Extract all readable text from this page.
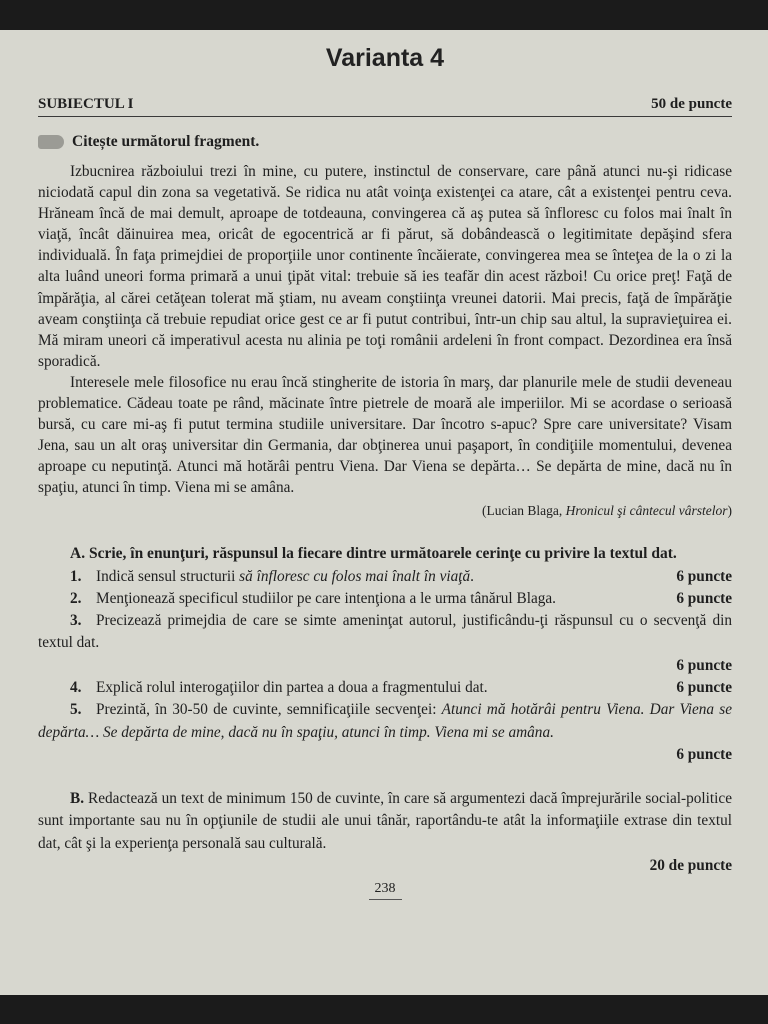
Varianta 4
SUBIECTUL I	50 de puncte
Citește următorul fragment.

Izbucnirea războiului trezi în mine, cu putere, instinctul de conservare, care până atunci nu-şi ridicase niciodată capul din zona sa vegetativă. Se ridica nu atât voinţa existenţei ca atare, cât a existenţei pentru ceva. Hrăneam încă de mai demult, aproape de totdeauna, convingerea că aş putea să înfloresc cu folos mai înalt în viaţă, încât dăinuirea mea, oricât de egocentrică ar fi părut, să dobândească o legitimitate depăşind sfera individuală. În faţa primejdiei de proporţiile unor continente încăierate, convingerea mea se înteţea de la o zi la alta luând uneori forma primară a unui ţipăt vital: trebuie să ies teafăr din acest război! Cu orice preţ! Faţă de împărăţia, al cărei cetăţean tolerat mă ştiam, nu aveam conştiinţa vreunei datorii. Mai precis, faţă de împărăţie aveam conştiinţa că trebuie repudiat orice gest ce ar fi putut contribui, într-un chip sau altul, la supravieţuirea ei. Mă miram uneori că imperativul acesta nu alinia pe toţi românii ardeleni în front compact. Dezordinea era însă sporadică.

Interesele mele filosofice nu erau încă stingherite de istoria în marş, dar planurile mele de studii deveneau problematice. Cădeau toate pe rând, măcinate între pietrele de moară ale imperiilor. Mi se acordase o serioasă bursă, cu care mi-aş fi putut termina studiile universitare. Dar încotro s-apuc? Spre care universitate? Visam Jena, sau un alt oraş universitar din Germania, dar obţinerea unui paşaport, în condiţiile momentului, devenea aproape cu neputinţă. Atunci mă hotărâi pentru Viena. Dar Viena se depărta… Se depărta de mine, dacă nu în spaţiu, atunci în timp. Viena mi se amâna.

(Lucian Blaga, Hronicul şi cântecul vârstelor)
A. Scrie, în enunţuri, răspunsul la fiecare dintre următoarele cerinţe cu privire la textul dat.
1. Indică sensul structurii să înfloresc cu folos mai înalt în viaţă.	6 puncte
2. Menţionează specificul studiilor pe care intenţiona a le urma tânărul Blaga.	6 puncte
3. Precizează primejdia de care se simte ameninţat autorul, justificându-ţi răspunsul cu o secvenţă din textul dat.
6 puncte
4. Explică rolul interogaţiilor din partea a doua a fragmentului dat.	6 puncte
5. Prezintă, în 30-50 de cuvinte, semnificaţiile secvenţei: Atunci mă hotărâi pentru Viena. Dar Viena se depărta… Se depărta de mine, dacă nu în spaţiu, atunci în timp. Viena mi se amâna.
6 puncte
B. Redactează un text de minimum 150 de cuvinte, în care să argumentezi dacă împrejurările social-politice sunt importante sau nu în opţiunile de studii ale unui tânăr, raportându-te atât la informaţiile extrase din textul dat, cât şi la experienţa personală sau culturală.
20 de puncte
238
